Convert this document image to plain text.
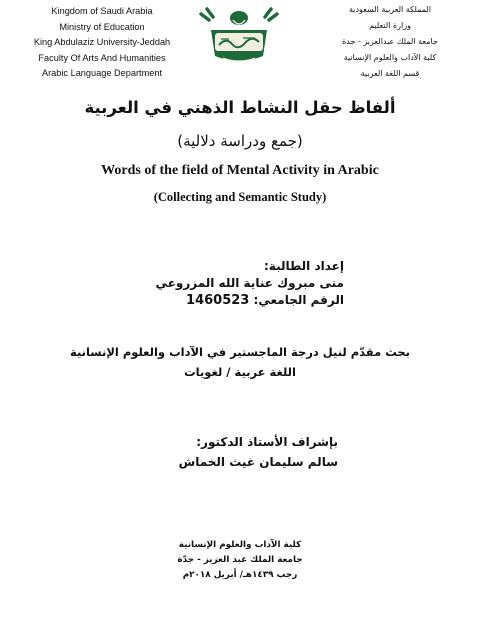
Kingdom of Saudi Arabia
Ministry of Education
King Abdulaziz University-Jeddah
Faculty Of Arts And Humanities
Arabic Language Department
المملكة العربية السعودية
وزارة التعليم
جامعة الملك عبدالعزيز - جدة
كلية الآداب والعلوم الإنسانية
قسم اللغة العربية
ألفاظ حقل النشاط الذهني في العربية
(جمع ودراسة دلالية)
Words of the field of Mental Activity in Arabic
(Collecting and Semantic Study)
إعداد الطالبة:
منى مبروك عناية الله المزروعي
الرقم الجامعي: 1460523
بحث مقدّم لنيل درجة الماجستير في الآداب والعلوم الإنسانية
اللغة عربية / لغويات
بإشراف الأستاذ الدكتور:
سالم سليمان غيث الخماش
كلية الآداب والعلوم الإنسانية
جامعة الملك عبد العزيز - جدّة
رجب ١٤٣٩هـ/ أبريل ٢٠١٨م
